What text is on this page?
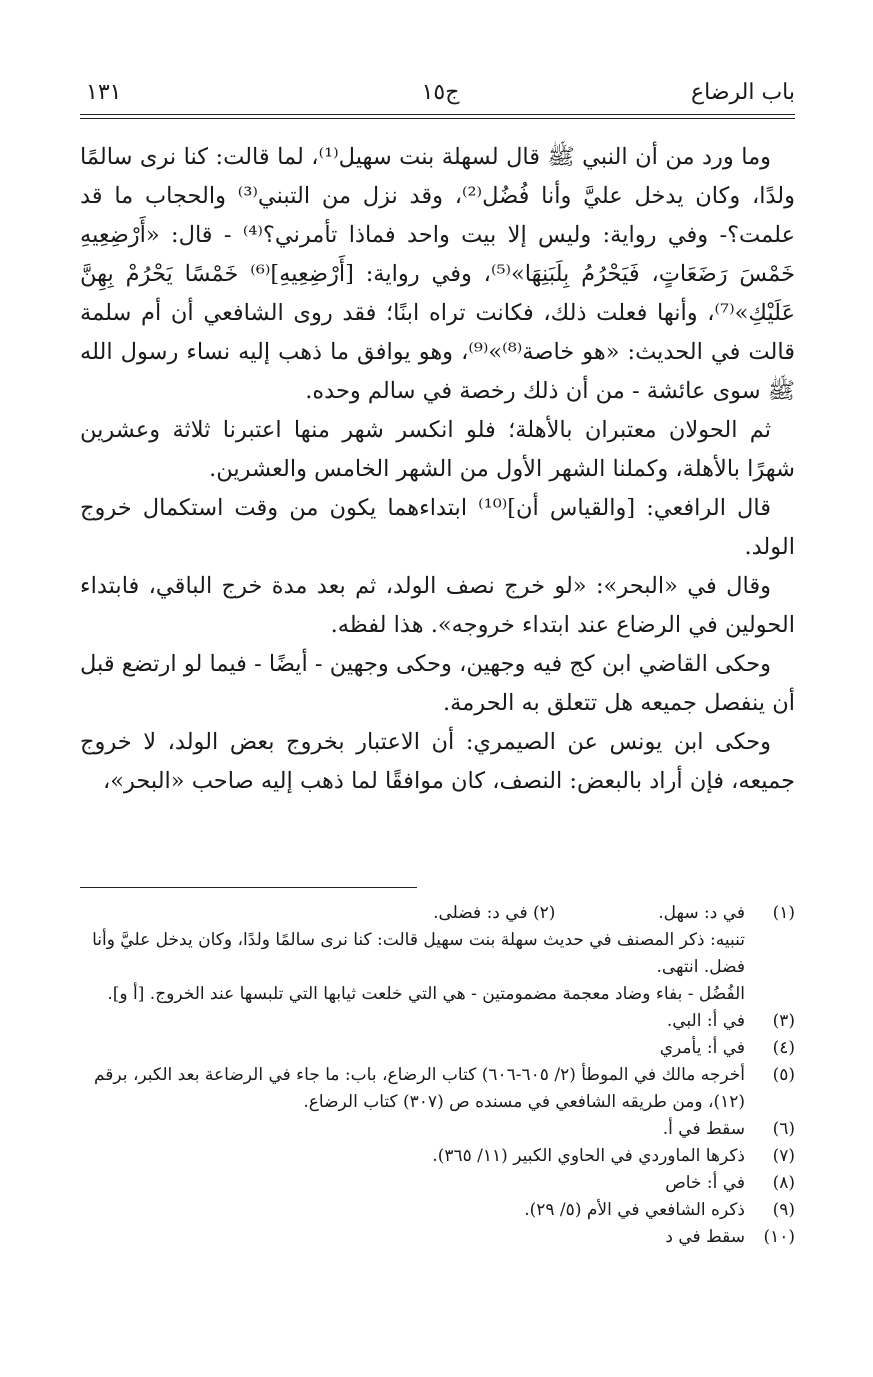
باب الرضاع
ج١٥
١٣١

وما ورد من أن النبي ﷺ قال لسهلة بنت سهيل⁽¹⁾، لما قالت: كنا نرى سالمًا ولدًا، وكان يدخل عليَّ وأنا فُضُل⁽²⁾، وقد نزل من التبني⁽³⁾ والحجاب ما قد علمت؟- وفي رواية: وليس إلا بيت واحد فماذا تأمرني؟⁽⁴⁾ - قال: «أَرْضِعِيهِ خَمْسَ رَضَعَاتٍ، فَيَحْرُمُ بِلَبَنِهَا»⁽⁵⁾، وفي رواية: [أَرْضِعِيهِ]⁽⁶⁾ خَمْسًا يَحْرُمْ بِهِنَّ عَلَيْكِ»⁽⁷⁾، وأنها فعلت ذلك، فكانت تراه ابنًا؛ فقد روى الشافعي أن أم سلمة قالت في الحديث: «هو خاصة⁽⁸⁾»⁽⁹⁾، وهو يوافق ما ذهب إليه نساء رسول الله ﷺ سوى عائشة - من أن ذلك رخصة في سالم وحده.

ثم الحولان معتبران بالأهلة؛ فلو انكسر شهر منها اعتبرنا ثلاثة وعشرين شهرًا بالأهلة، وكملنا الشهر الأول من الشهر الخامس والعشرين.

قال الرافعي: [والقياس أن]⁽¹⁰⁾ ابتداءهما يكون من وقت استكمال خروج الولد.

وقال في «البحر»: «لو خرج نصف الولد، ثم بعد مدة خرج الباقي، فابتداء الحولين في الرضاع عند ابتداء خروجه». هذا لفظه.

وحكى القاضي ابن كج فيه وجهين، وحكى وجهين - أيضًا - فيما لو ارتضع قبل أن ينفصل جميعه هل تتعلق به الحرمة.

وحكى ابن يونس عن الصيمري: أن الاعتبار بخروج بعض الولد، لا خروج جميعه، فإن أراد بالبعض: النصف، كان موافقًا لما ذهب إليه صاحب «البحر»،

(١)
في د: سهل.  (٢) في د: فضلى.
تنبيه: ذكر المصنف في حديث سهلة بنت سهيل قالت: كنا نرى سالمًا ولدًا، وكان يدخل عليَّ وأنا فضل. انتهى.
الفُضُل - بفاء وضاد معجمة مضمومتين - هي التي خلعت ثيابها التي تلبسها عند الخروج. [أ و].
(٣)
في أ: البي.
(٤)
في أ: يأمري
(٥)
أخرجه مالك في الموطأ (٢/ ٦٠٥-٦٠٦) كتاب الرضاع، باب: ما جاء في الرضاعة بعد الكبر، برقم (١٢)، ومن طريقه الشافعي في مسنده ص (٣٠٧) كتاب الرضاع.
(٦)
سقط في أ.
(٧)
ذكرها الماوردي في الحاوي الكبير (١١/ ٣٦٥).
(٨)
في أ: خاص
(٩)
ذكره الشافعي في الأم (٥/ ٢٩).
(١٠)
سقط في د
